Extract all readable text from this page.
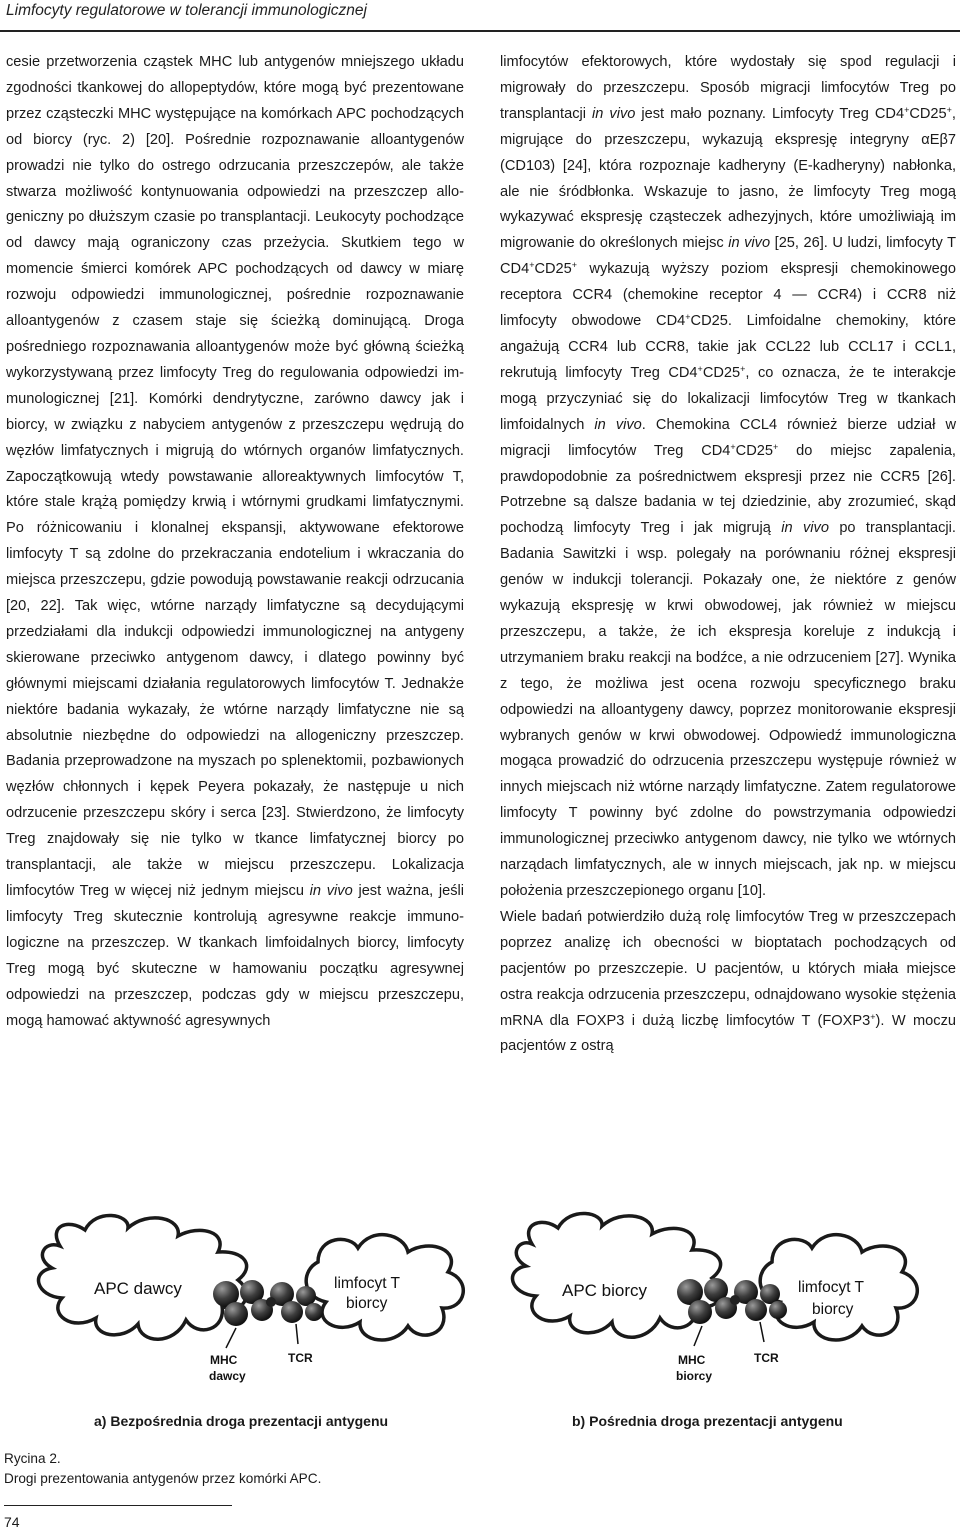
Limfocyty regulatorowe w tolerancji immunologicznej

cesie przetworzenia cząstek MHC lub antygenów mniejszego układu zgodności tkankowej do allopeptydów, które mogą być prezentowane przez cząsteczki MHC występujące na komórkach APC pochodzących od biorcy (ryc. 2) [20]. Pośrednie rozpoznawanie alloantygenów prowadzi nie tylko do ostrego odrzucania przeszczepów, ale także stwarza możliwość kontynuowania odpowiedzi na przeszczep allogeniczny po dłuższym czasie po transplantacji. Leukocyty pochodzące od dawcy mają ograniczony czas przeżycia. Skutkiem tego w momencie śmierci komórek APC pochodzących od dawcy w miarę rozwoju odpowiedzi immunologicznej, pośrednie rozpoznawanie alloantygenów z czasem staje się ścieżką dominującą. Droga pośredniego rozpoznawania alloantygenów może być główną ścieżką wykorzystywaną przez limfocyty Treg do regulowania odpowiedzi immunologicznej [21]. Komórki dendrytyczne, zarówno dawcy jak i biorcy, w związku z nabyciem antygenów z przeszczepu wędrują do węzłów limfatycznych i migrują do wtórnych organów limfatycznych. Zapoczątkowują wtedy powstawanie alloreaktywnych limfocytów T, które stale krążą pomiędzy krwią i wtórnymi grudkami limfatycznymi. Po różnicowaniu i klonalnej ekspansji, aktywowane efektorowe limfocyty T są zdolne do przekraczania endotelium i wkraczania do miejsca przeszczepu, gdzie powodują powstawanie reakcji odrzucania [20, 22]. Tak więc, wtórne narządy limfatyczne są decydującymi przedziałami dla indukcji odpowiedzi immunologicznej na antygeny skierowane przeciwko antygenom dawcy, i dlatego powinny być głównymi miejscami działania regulatorowych limfocytów T. Jednakże niektóre badania wykazały, że wtórne narządy limfatyczne nie są absolutnie niezbędne do odpowiedzi na allogeniczny przeszczep. Badania przeprowadzone na myszach po splenektomii, pozbawionych węzłów chłonnych i kępek Peyera pokazały, że następuje u nich odrzucenie przeszczepu skóry i serca [23]. Stwierdzono, że limfocyty Treg znajdowały się nie tylko w tkance limfatycznej biorcy po transplantacji, ale także w miejscu przeszczepu. Lokalizacja limfocytów Treg w więcej niż jednym miejscu in vivo jest ważna, jeśli limfocyty Treg skutecznie kontrolują agresywne reakcje immunologiczne na przeszczep. W tkankach limfoidalnych biorcy, limfocyty Treg mogą być skuteczne w hamowaniu początku agresywnej odpowiedzi na przeszczep, podczas gdy w miejscu przeszczepu, mogą hamować aktywność agresywnych

limfocytów efektorowych, które wydostały się spod regulacji i migrowały do przeszczepu. Sposób migracji limfocytów Treg po transplantacji in vivo jest mało poznany. Limfocyty Treg CD4+CD25+, migrujące do przeszczepu, wykazują ekspresję integryny αEβ7 (CD103) [24], która rozpoznaje kadheryny (E-kadheryny) nabłonka, ale nie śródbłonka. Wskazuje to jasno, że limfocyty Treg mogą wykazywać ekspresję cząsteczek adhezyjnych, które umożliwiają im migrowanie do określonych miejsc in vivo [25, 26]. U ludzi, limfocyty T CD4+CD25+ wykazują wyższy poziom ekspresji chemokinowego receptora CCR4 (chemokine receptor 4 — CCR4) i CCR8 niż limfocyty obwodowe CD4+CD25. Limfoidalne chemokiny, które angażują CCR4 lub CCR8, takie jak CCL22 lub CCL17 i CCL1, rekrutują limfocyty Treg CD4+CD25+, co oznacza, że te interakcje mogą przyczyniać się do lokalizacji limfocytów Treg w tkankach limfoidalnych in vivo. Chemokina CCL4 również bierze udział w migracji limfocytów Treg CD4+CD25+ do miejsc zapalenia, prawdopodobnie za pośrednictwem ekspresji przez nie CCR5 [26]. Potrzebne są dalsze badania w tej dziedzinie, aby zrozumieć, skąd pochodzą limfocyty Treg i jak migrują in vivo po transplantacji. Badania Sawitzki i wsp. polegały na porównaniu różnej ekspresji genów w indukcji tolerancji. Pokazały one, że niektóre z genów wykazują ekspresję w krwi obwodowej, jak również w miejscu przeszczepu, a także, że ich ekspresja koreluje z indukcją i utrzymaniem braku reakcji na bodźce, a nie odrzuceniem [27]. Wynika z tego, że możliwa jest ocena rozwoju specyficznego braku odpowiedzi na alloantygeny dawcy, poprzez monitorowanie ekspresji wybranych genów w krwi obwodowej. Odpowiedź immunologiczna mogąca prowadzić do odrzucenia przeszczepu występuje również w innych miejscach niż wtórne narządy limfatyczne. Zatem regulatorowe limfocyty T powinny być zdolne do powstrzymania odpowiedzi immunologicznej przeciwko antygenom dawcy, nie tylko we wtórnych narządach limfatycznych, ale w innych miejscach, jak np. w miejscu położenia przeszczepionego organu [10].

Wiele badań potwierdziło dużą rolę limfocytów Treg w przeszczepach poprzez analizę ich obecności w bioptatach pochodzących od pacjentów po przeszczepie. U pacjentów, u których miała miejsce ostra reakcja odrzucenia przeszczepu, odnajdowano wysokie stężenia mRNA dla FOXP3 i dużą liczbę limfocytów T (FOXP3+). W moczu pacjentów z ostrą

APC dawcy	limfocyt T
biorcy
MHC
dawcy
TCR
APC biorcy	limfocyt T
biorcy
MHC
biorcy
TCR
a) Bezpośrednia droga prezentacji antygenu	b) Pośrednia droga prezentacji antygenu
Rycina 2.
Drogi prezentowania antygenów przez komórki APC.
74
